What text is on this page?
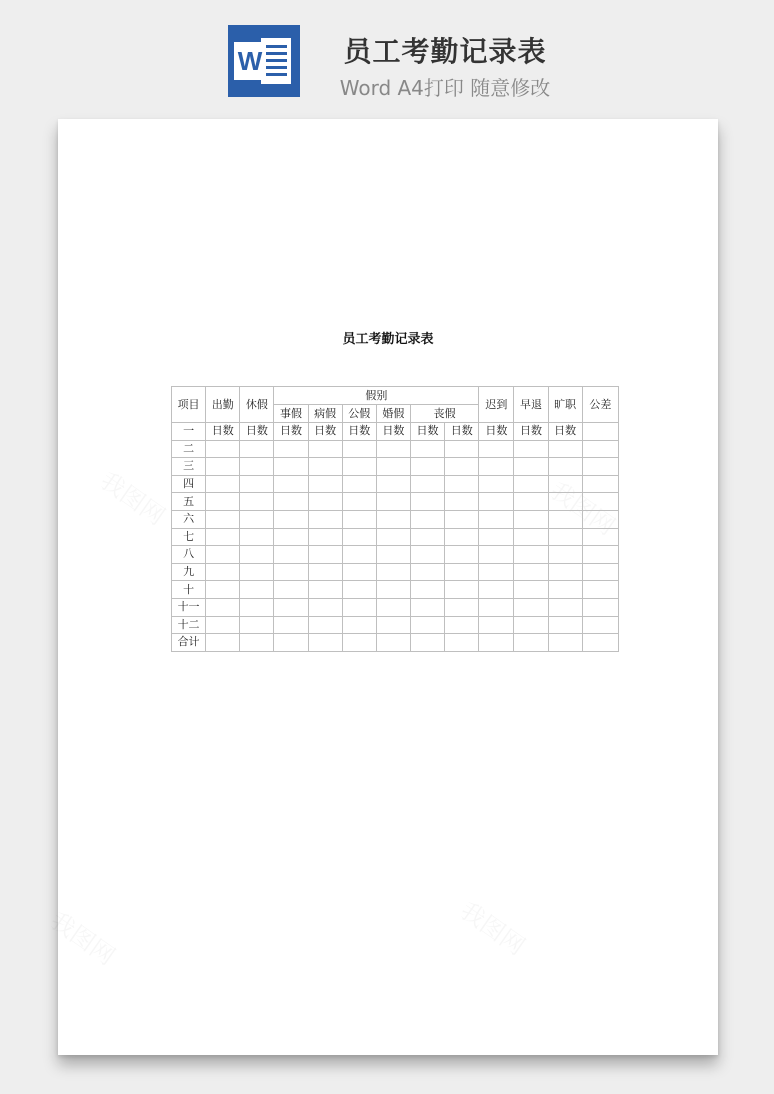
W	员工考勤记录表
Word A4打印 随意修改
员工考勤记录表
项目	出勤	休假	假别						迟到	早退	旷职	公差
			事假	病假	公假	婚假	丧假					
一	日数	日数	日数	日数	日数	日数	日数	日数	日数	日数	日数	
二												
三												
四												
五												
六												
七												
八												
九												
十												
十一												
十二												
合计												
